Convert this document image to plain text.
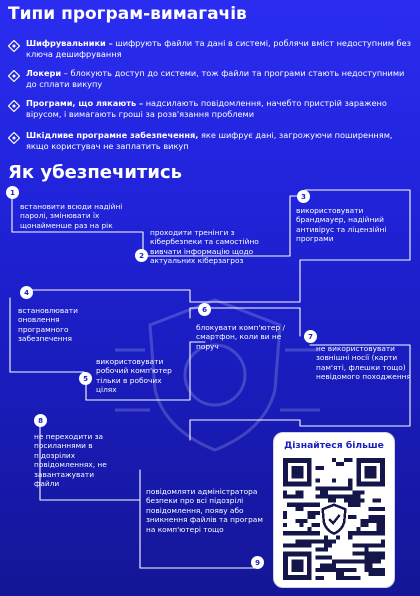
Типи програм-вимагачів
Шифрувальники – шифрують файли та дані в системі, роблячи вміст недоступним без ключа дешифрування
Локери – блокують доступ до системи, тож файли та програми стають недоступними до сплати викупу
Програми, що лякають – надсилають повідомлення, начебто пристрій заражено вірусом, і вимагають гроші за розв'язання проблеми
Шкідливе програмне забезпечення, яке шифрує дані, загрожуючи поширенням, якщо користувач не заплатить викуп
Як убезпечитись
1
встановити всюди надійні паролі, змінювати їх щонайменше раз на рік
2
проходити тренінги з кібербезпеки та самостійно вивчати інформацію щодо актуальних кіберзагроз
3
використовувати брандмауер, надійний антивірус та ліцензійні програми
4
встановлювати оновлення програмного забезпечення
5
використовувати робочий комп'ютер тільки в робочих цілях
6
блокувати комп'ютер /смартфон, коли ви не поруч
7
не використовувати зовнішні носії (карти пам'яті, флешки тощо) невідомого походження
8
не переходити за посиланнями в підозрілих повідомленнях, не завантажувати файли
9
повідомляти адміністратора безпеки про всі підозрілі повідомлення, появу або зникнення файлів та програм на комп'ютері тощо
Дізнайтеся більше
